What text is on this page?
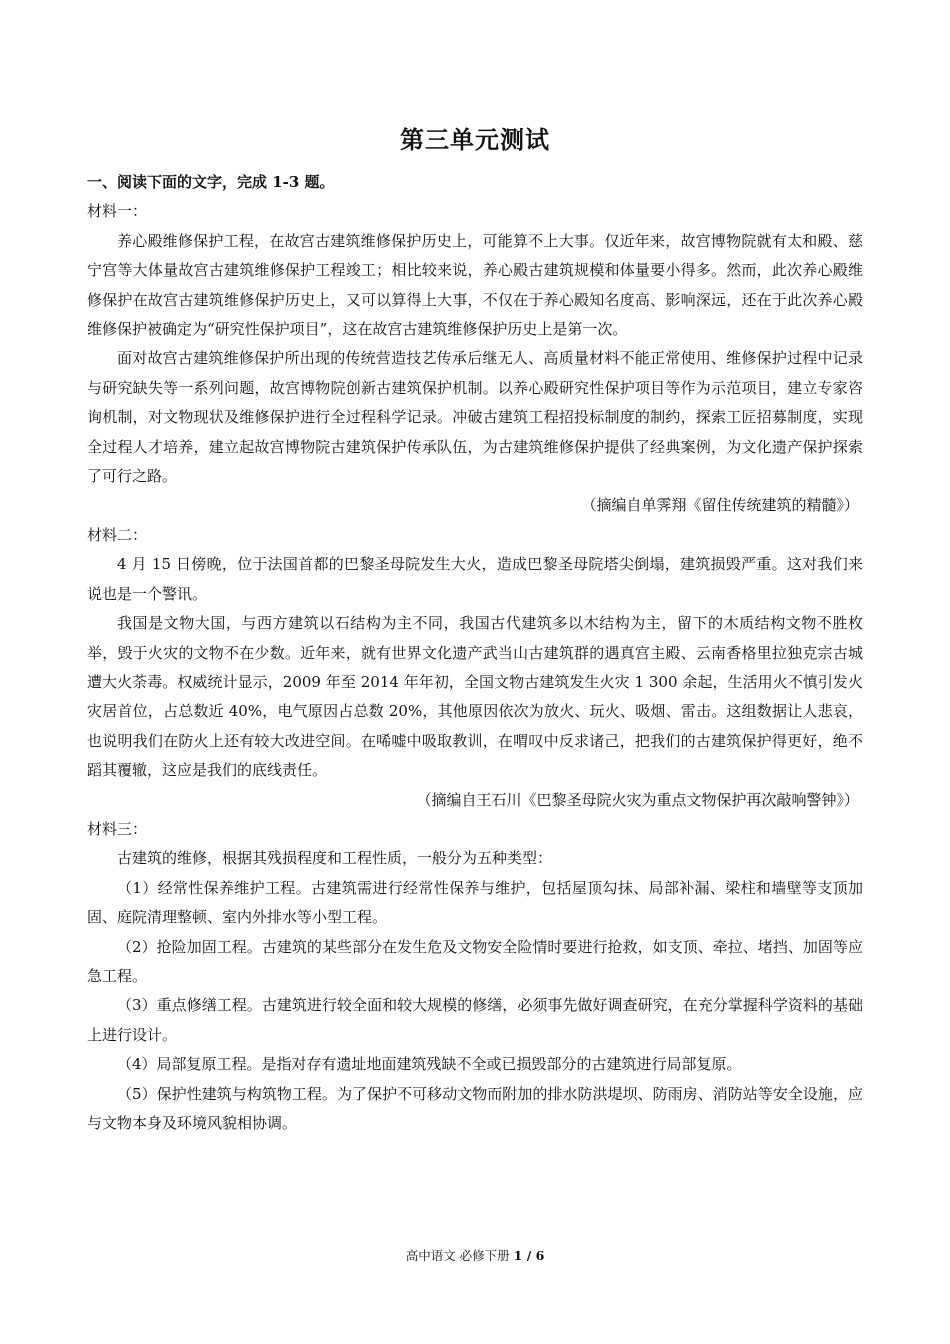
第三单元测试

一、阅读下面的文字，完成 1-3 题。

材料一：

养心殿维修保护工程，在故宫古建筑维修保护历史上，可能算不上大事。仅近年来，故宫博物院就有太和殿、慈宁宫等大体量故宫古建筑维修保护工程竣工；相比较来说，养心殿古建筑规模和体量要小得多。然而，此次养心殿维修保护在故宫古建筑维修保护历史上，又可以算得上大事，不仅在于养心殿知名度高、影响深远，还在于此次养心殿维修保护被确定为“研究性保护项目”，这在故宫古建筑维修保护历史上是第一次。

面对故宫古建筑维修保护所出现的传统营造技艺传承后继无人、高质量材料不能正常使用、维修保护过程中记录与研究缺失等一系列问题，故宫博物院创新古建筑保护机制。以养心殿研究性保护项目等作为示范项目，建立专家咨询机制，对文物现状及维修保护进行全过程科学记录。冲破古建筑工程招投标制度的制约，探索工匠招募制度，实现全过程人才培养，建立起故宫博物院古建筑保护传承队伍，为古建筑维修保护提供了经典案例，为文化遗产保护探索了可行之路。

（摘编自单霁翔《留住传统建筑的精髓》）

材料二：

4 月 15 日傍晚，位于法国首都的巴黎圣母院发生大火，造成巴黎圣母院塔尖倒塌，建筑损毁严重。这对我们来说也是一个警讯。

我国是文物大国，与西方建筑以石结构为主不同，我国古代建筑多以木结构为主，留下的木质结构文物不胜枚举，毁于火灾的文物不在少数。近年来，就有世界文化遗产武当山古建筑群的遇真宫主殿、云南香格里拉独克宗古城遭大火荼毒。权威统计显示，2009 年至 2014 年年初，全国文物古建筑发生火灾 1 300 余起，生活用火不慎引发火灾居首位，占总数近 40%，电气原因占总数 20%，其他原因依次为放火、玩火、吸烟、雷击。这组数据让人悲哀，也说明我们在防火上还有较大改进空间。在唏嘘中吸取教训，在喟叹中反求诸己，把我们的古建筑保护得更好，绝不蹈其覆辙，这应是我们的底线责任。

（摘编自王石川《巴黎圣母院火灾为重点文物保护再次敲响警钟》）

材料三：

古建筑的维修，根据其残损程度和工程性质，一般分为五种类型：

（1）经常性保养维护工程。古建筑需进行经常性保养与维护，包括屋顶勾抹、局部补漏、梁柱和墙壁等支顶加固、庭院清理整顿、室内外排水等小型工程。

（2）抢险加固工程。古建筑的某些部分在发生危及文物安全险情时要进行抢救，如支顶、牵拉、堵挡、加固等应急工程。

（3）重点修缮工程。古建筑进行较全面和较大规模的修缮，必须事先做好调查研究，在充分掌握科学资料的基础上进行设计。

（4）局部复原工程。是指对存有遗址地面建筑残缺不全或已损毁部分的古建筑进行局部复原。

（5）保护性建筑与构筑物工程。为了保护不可移动文物而附加的排水防洪堤坝、防雨房、消防站等安全设施，应与文物本身及环境风貌相协调。

高中语文 必修下册 1 / 6
